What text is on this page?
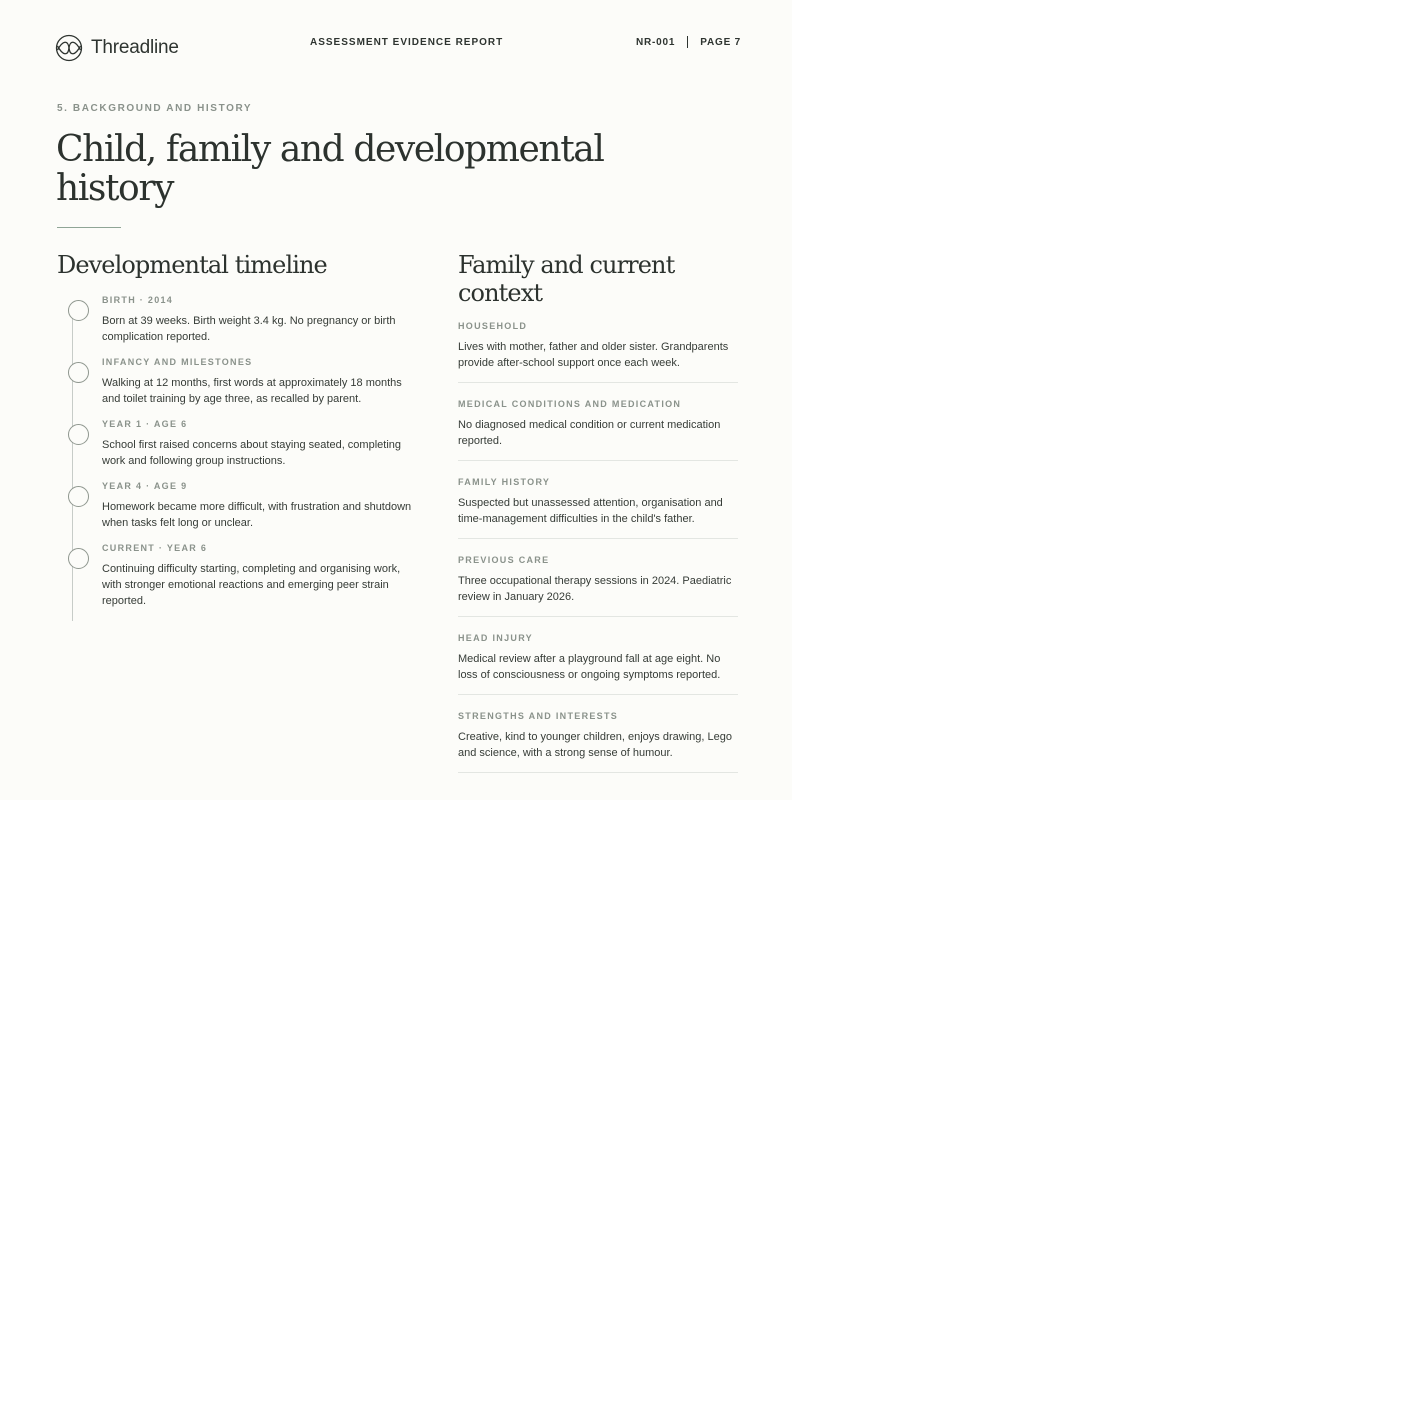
Threadline	ASSESSMENT EVIDENCE REPORT	NR-001	PAGE 7
5. BACKGROUND AND HISTORY
Child, family and developmental history
Developmental timeline
BIRTH · 2014
Born at 39 weeks. Birth weight 3.4 kg. No pregnancy or birth complication reported.
INFANCY AND MILESTONES
Walking at 12 months, first words at approximately 18 months and toilet training by age three, as recalled by parent.
YEAR 1 · AGE 6
School first raised concerns about staying seated, completing work and following group instructions.
YEAR 4 · AGE 9
Homework became more difficult, with frustration and shutdown when tasks felt long or unclear.
CURRENT · YEAR 6
Continuing difficulty starting, completing and organising work, with stronger emotional reactions and emerging peer strain reported.
Family and current context
HOUSEHOLD
Lives with mother, father and older sister. Grandparents provide after-school support once each week.
MEDICAL CONDITIONS AND MEDICATION
No diagnosed medical condition or current medication reported.
FAMILY HISTORY
Suspected but unassessed attention, organisation and time-management difficulties in the child's father.
PREVIOUS CARE
Three occupational therapy sessions in 2024. Paediatric review in January 2026.
HEAD INJURY
Medical review after a playground fall at age eight. No loss of consciousness or ongoing symptoms reported.
STRENGTHS AND INTERESTS
Creative, kind to younger children, enjoys drawing, Lego and science, with a strong sense of humour.
